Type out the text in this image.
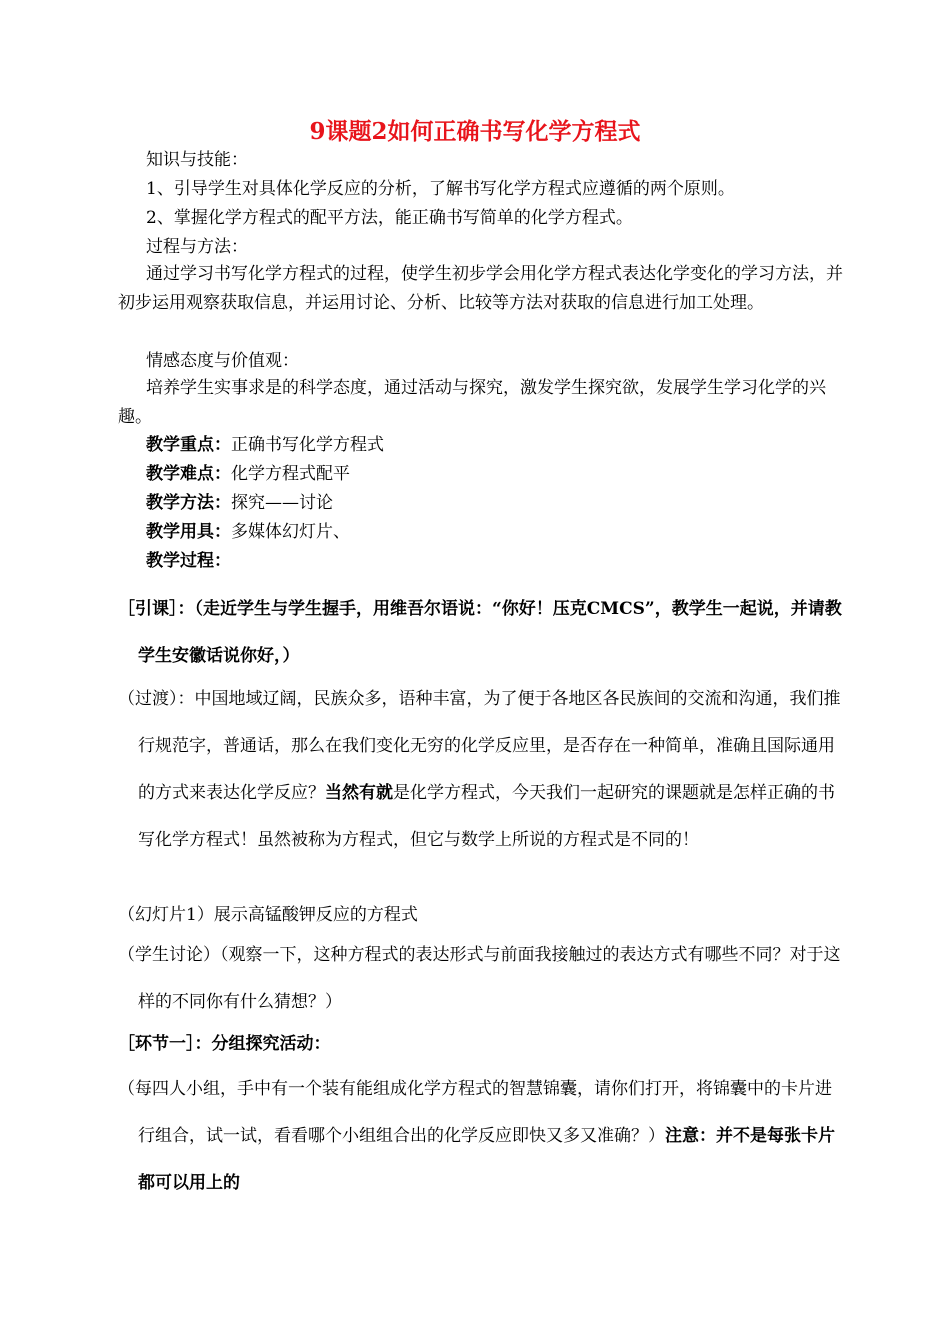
9课题2如何正确书写化学方程式

知识与技能：

1、引导学生对具体化学反应的分析，了解书写化学方程式应遵循的两个原则。

2、掌握化学方程式的配平方法，能正确书写简单的化学方程式。

过程与方法：

通过学习书写化学方程式的过程，使学生初步学会用化学方程式表达化学变化的学习方法，并初步运用观察获取信息，并运用讨论、分析、比较等方法对获取的信息进行加工处理。

情感态度与价值观：

培养学生实事求是的科学态度，通过活动与探究，激发学生探究欲，发展学生学习化学的兴趣。

教学重点：正确书写化学方程式

教学难点：化学方程式配平

教学方法：探究——讨论

教学用具：多媒体幻灯片、

教学过程：

［引课］：（走近学生与学生握手，用维吾尔语说：“你好！压克CMCS”，教学生一起说，并请教学生安徽话说你好，）

（过渡）：中国地域辽阔，民族众多，语种丰富，为了便于各地区各民族间的交流和沟通，我们推行规范字，普通话，那么在我们变化无穷的化学反应里，是否存在一种简单，准确且国际通用的方式来表达化学反应？当然有就是化学方程式，今天我们一起研究的课题就是怎样正确的书写化学方程式！虽然被称为方程式，但它与数学上所说的方程式是不同的！

（幻灯片1）展示高锰酸钾反应的方程式

（学生讨论）（观察一下，这种方程式的表达形式与前面我接触过的表达方式有哪些不同？对于这样的不同你有什么猜想？）

［环节一］：分组探究活动：

（每四人小组，手中有一个装有能组成化学方程式的智慧锦囊，请你们打开，将锦囊中的卡片进行组合，试一试，看看哪个小组组合出的化学反应即快又多又准确？）注意：并不是每张卡片都可以用上的
